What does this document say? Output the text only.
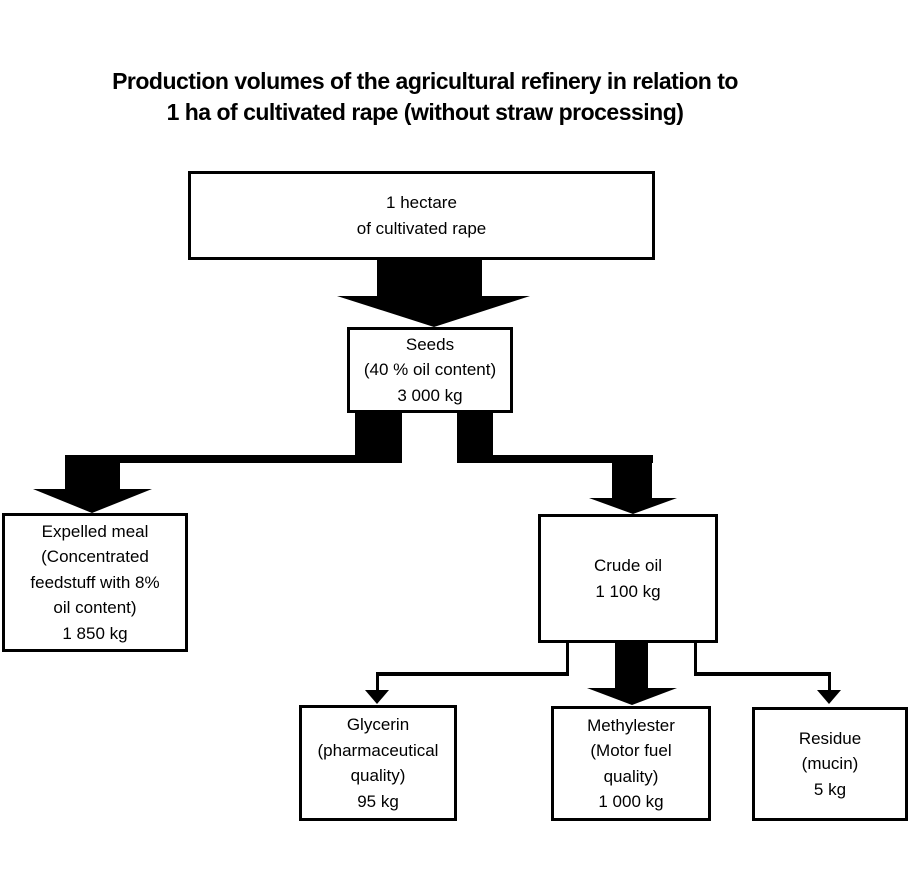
Production volumes of the agricultural refinery in relation to
1 ha of cultivated rape (without straw processing)
1 hectare
of cultivated rape
Seeds
(40 % oil content)
3 000 kg
Expelled meal
(Concentrated
feedstuff with 8%
oil content)
1 850 kg
Crude oil
1 100 kg
Glycerin
(pharmaceutical
quality)
95 kg
Methylester
(Motor fuel
quality)
1 000 kg
Residue
(mucin)
5 kg
